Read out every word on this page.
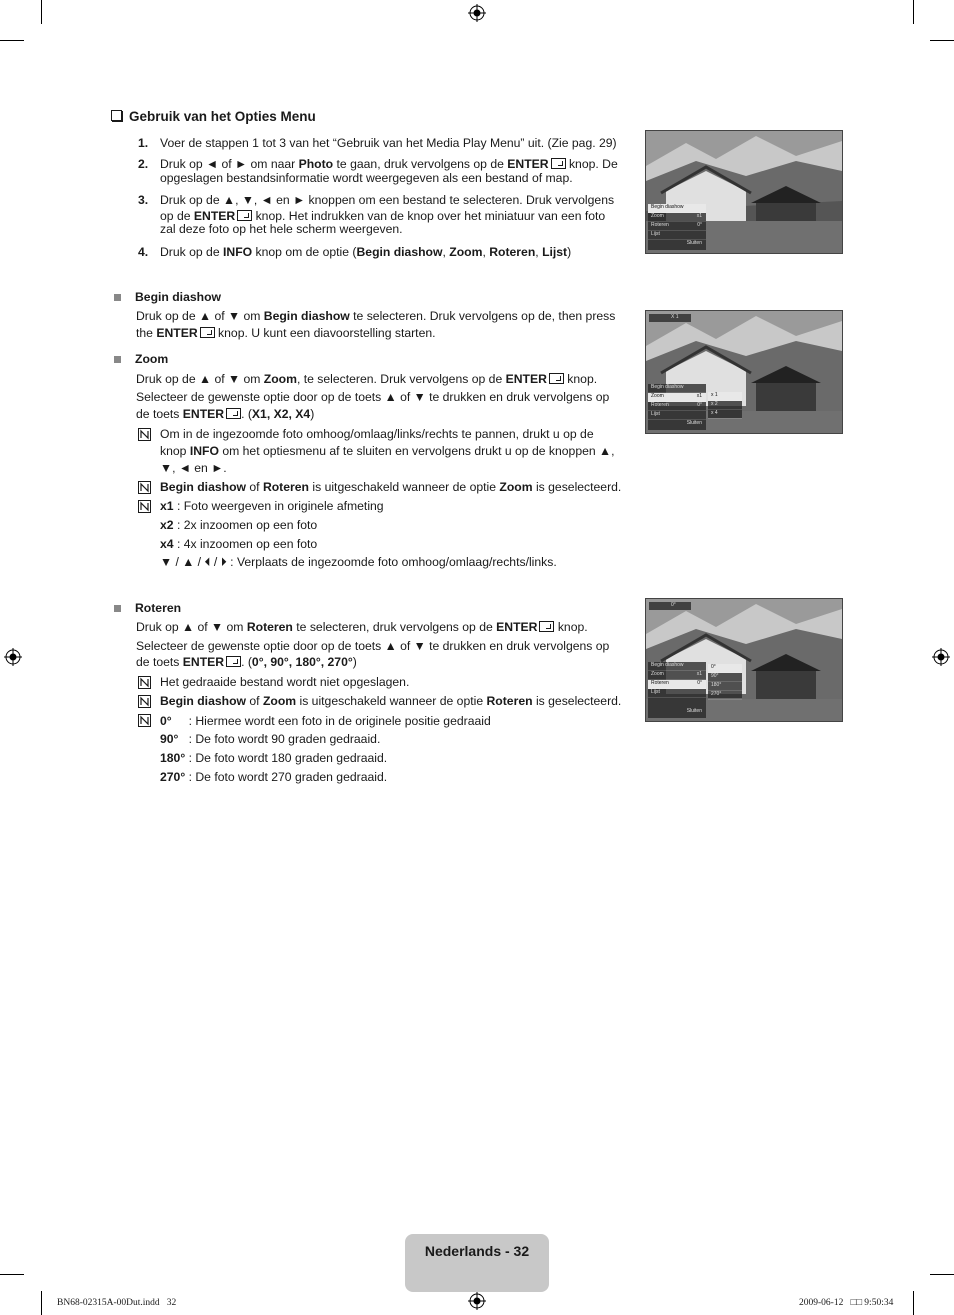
Gebruik van het Opties Menu
1. Voer de stappen 1 tot 3 van het “Gebruik van het Media Play Menu” uit. (Zie pag. 29)
2. Druk op ◄ of ► om naar Photo te gaan, druk vervolgens op de ENTER knop. De
opgeslagen bestandsinformatie wordt weergegeven als een bestand of map.
3. Druk op de ▲, ▼, ◄ en ► knoppen om een bestand te selecteren. Druk vervolgens
op de ENTER knop. Het indrukken van de knop over het miniatuur van een foto
zal deze foto op het hele scherm weergeven.
4. Druk op de INFO knop om de optie (Begin diashow, Zoom, Roteren, Lijst)
Begin diashow
Druk op de ▲ of ▼ om Begin diashow te selecteren. Druk vervolgens op de, then press
the ENTER knop. U kunt een diavoorstelling starten.
Zoom
Druk op de ▲ of ▼ om Zoom, te selecteren. Druk vervolgens op de ENTER knop.
Selecteer de gewenste optie door op de toets ▲ of ▼ te drukken en druk vervolgens op
de toets ENTER . (X1, X2, X4)
Om in de ingezoomde foto omhoog/omlaag/links/rechts te pannen, drukt u op de
knop INFO om het optiesmenu af te sluiten en vervolgens drukt u op de knoppen ▲,
▼, ◄ en ►.
Begin diashow of Roteren is uitgeschakeld wanneer de optie Zoom is geselecteerd.
x1 : Foto weergeven in originele afmeting
x2 : 2x inzoomen op een foto
x4 : 4x inzoomen op een foto
▼ / ▲ / ⏴ / ⏵ : Verplaats de ingezoomde foto omhoog/omlaag/rechts/links.
Roteren
Druk op ▲ of ▼ om Roteren te selecteren, druk vervolgens op de ENTER knop.
Selecteer de gewenste optie door op de toets ▲ of ▼ te drukken en druk vervolgens op
de toets ENTER . (0°, 90°, 180°, 270°)
Het gedraaide bestand wordt niet opgeslagen.
Begin diashow of Zoom is uitgeschakeld wanneer de optie Roteren is geselecteerd.
0°     : Hiermee wordt een foto in de originele positie gedraaid
90°   : De foto wordt 90 graden gedraaid.
180° : De foto wordt 180 graden gedraaid.
270° : De foto wordt 270 graden gedraaid.
Begin diashow
Zoom	x1
Roteren	0°
Lijst
Sluiten
X 1
Begin diashow
Zoom	x1
Roteren	0°
Lijst
Sluiten
x 1
x 2
x 4
0°
Begin diashow
Zoom	x1
Roteren	0°
Lijst
Sluiten
0°
90°
180°
270°
Nederlands - 32
BN68-02315A-00Dut.indd   32	2009-06-12   □□ 9:50:34
